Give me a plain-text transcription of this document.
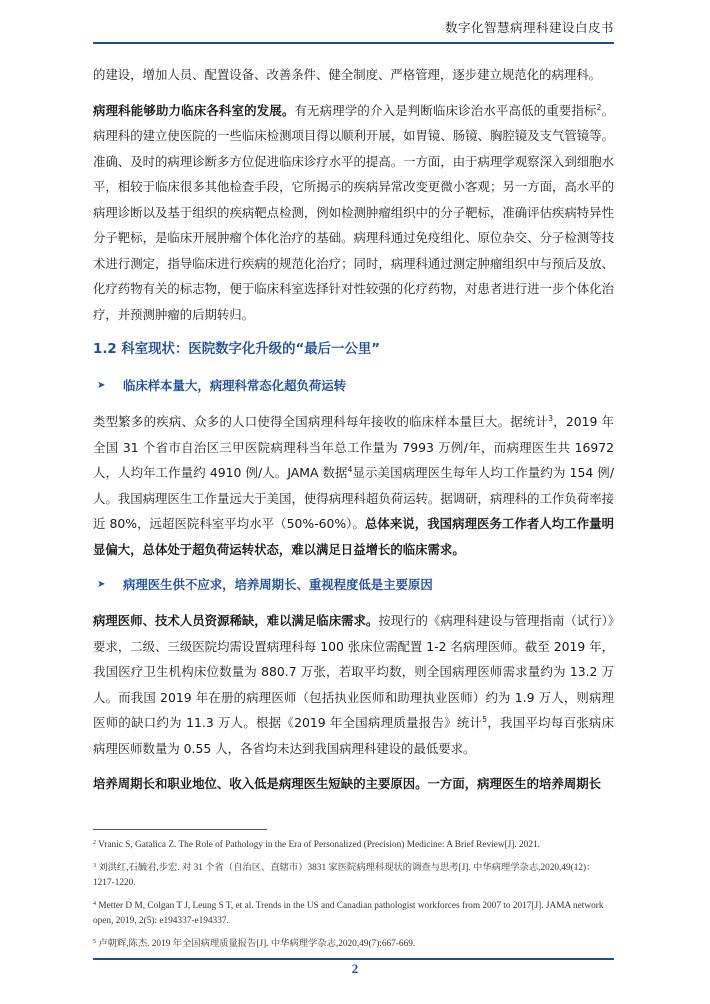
数字化智慧病理科建设白皮书

的建设，增加人员、配置设备、改善条件、健全制度、严格管理，逐步建立规范化的病理科。

病理科能够助力临床各科室的发展。有无病理学的介入是判断临床诊治水平高低的重要指标$^2$。病理科的建立使医院的一些临床检测项目得以顺利开展，如胃镜、肠镜、胸腔镜及支气管镜等。准确、及时的病理诊断多方位促进临床诊疗水平的提高。一方面，由于病理学观察深入到细胞水平，相较于临床很多其他检查手段，它所揭示的疾病异常改变更微小客观；另一方面，高水平的病理诊断以及基于组织的疾病靶点检测，例如检测肿瘤组织中的分子靶标，准确评估疾病特异性分子靶标，是临床开展肿瘤个体化治疗的基础。病理科通过免疫组化、原位杂交、分子检测等技术进行测定，指导临床进行疾病的规范化治疗；同时，病理科通过测定肿瘤组织中与预后及放、化疗药物有关的标志物，便于临床科室选择针对性较强的化疗药物，对患者进行进一步个体化治疗，并预测肿瘤的后期转归。

1.2 科室现状：医院数字化升级的“最后一公里”
➤	临床样本量大，病理科常态化超负荷运转

类型繁多的疾病、众多的人口使得全国病理科每年接收的临床样本量巨大。据统计$^3$，2019 年全国 31 个省市自治区三甲医院病理科当年总工作量为 7993 万例/年，而病理医生共 16972 人，人均年工作量约 4910 例/人。JAMA 数据$^4$显示美国病理医生每年人均工作量约为 154 例/人。我国病理医生工作量远大于美国，使得病理科超负荷运转。据调研，病理科的工作负荷率接近 80%，远超医院科室平均水平（50%-60%）。总体来说，我国病理医务工作者人均工作量明显偏大，总体处于超负荷运转状态，难以满足日益增长的临床需求。

➤	病理医生供不应求，培养周期长、重视程度低是主要原因

病理医师、技术人员资源稀缺，难以满足临床需求。按现行的《病理科建设与管理指南（试行）》要求，二级、三级医院均需设置病理科每 100 张床位需配置 1-2 名病理医师。截至 2019 年，我国医疗卫生机构床位数量为 880.7 万张，若取平均数，则全国病理医师需求量约为 13.2 万人。而我国 2019 年在册的病理医师（包括执业医师和助理执业医师）约为 1.9 万人，则病理医师的缺口约为 11.3 万人。根据《2019 年全国病理质量报告》统计$^5$，我国平均每百张病床病理医师数量为 0.55 人，各省均未达到我国病理科建设的最低要求。

培养周期长和职业地位、收入低是病理医生短缺的主要原因。一方面，病理医生的培养周期长

$^2$ Vranic S, Gatalica Z. The Role of Pathology in the Era of Personalized (Precision) Medicine: A Brief Review[J]. 2021.
$^3$ 刘洪红,石毓君,步宏. 对 31 个省（自治区、直辖市）3831 家医院病理科现状的调查与思考[J]. 中华病理学杂志,2020,49(12)：1217-1220.
$^4$ Metter D M, Colgan T J, Leung S T, et al. Trends in the US and Canadian pathologist workforces from 2007 to 2017[J]. JAMA network open, 2019, 2(5): e194337-e194337.
$^5$ 卢朝辉,陈杰. 2019 年全国病理质量报告[J]. 中华病理学杂志,2020,49(7):667-669.
2
